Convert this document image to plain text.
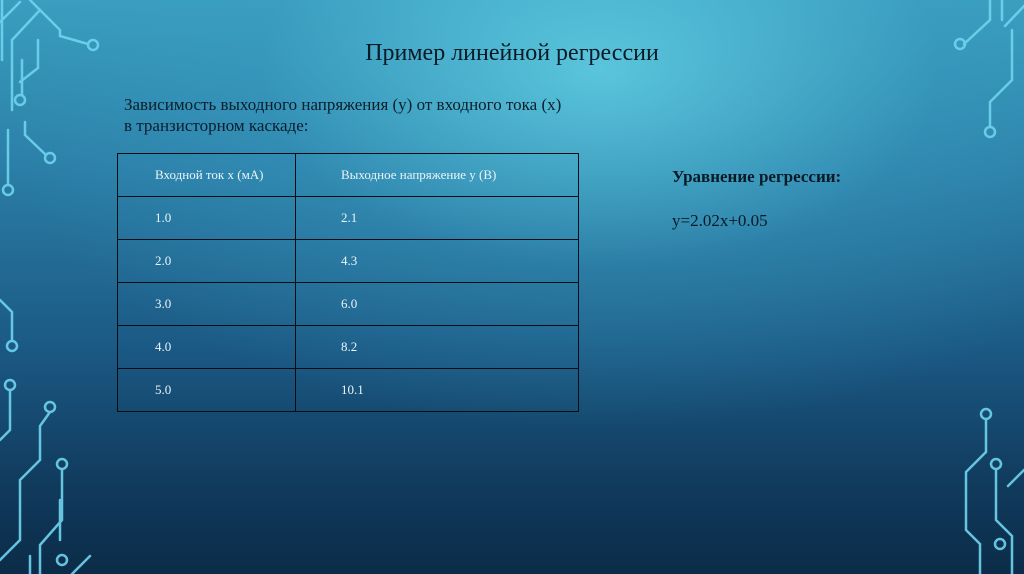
Пример линейной регрессии
Зависимость выходного напряжения (у) от входного тока (х)
в транзисторном каскаде:
Входной ток x (мА)	Выходное напряжение y (В)
1.0	2.1
2.0	4.3
3.0	6.0
4.0	8.2
5.0	10.1
Уравнение регрессии:
y=2.02x+0.05
